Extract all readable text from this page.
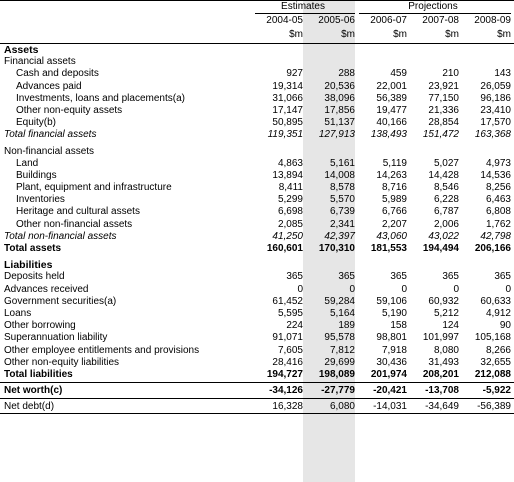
Estimates	Projections
2004-05	2005-06	2006-07	2007-08	2008-09
$m	$m	$m	$m	$m
Assets
Financial assets
Cash and deposits	927	288	459	210	143
Advances paid	19,314	20,536	22,001	23,921	26,059
Investments, loans and placements(a)	31,066	38,096	56,389	77,150	96,186
Other non-equity assets	17,147	17,856	19,477	21,336	23,410
Equity(b)	50,895	51,137	40,166	28,854	17,570
Total financial assets	119,351	127,913	138,493	151,472	163,368
Non-financial assets
Land	4,863	5,161	5,119	5,027	4,973
Buildings	13,894	14,008	14,263	14,428	14,536
Plant, equipment and infrastructure	8,411	8,578	8,716	8,546	8,256
Inventories	5,299	5,570	5,989	6,228	6,463
Heritage and cultural assets	6,698	6,739	6,766	6,787	6,808
Other non-financial assets	2,085	2,341	2,207	2,006	1,762
Total non-financial assets	41,250	42,397	43,060	43,022	42,798
Total assets	160,601	170,310	181,553	194,494	206,166
Liabilities
Deposits held	365	365	365	365	365
Advances received	0	0	0	0	0
Government securities(a)	61,452	59,284	59,106	60,932	60,633
Loans	5,595	5,164	5,190	5,212	4,912
Other borrowing	224	189	158	124	90
Superannuation liability	91,071	95,578	98,801	101,997	105,168
Other employee entitlements and provisions	7,605	7,812	7,918	8,080	8,266
Other non-equity liabilities	28,416	29,699	30,436	31,493	32,655
Total liabilities	194,727	198,089	201,974	208,201	212,088
Net worth(c)	-34,126	-27,779	-20,421	-13,708	-5,922
Net debt(d)	16,328	6,080	-14,031	-34,649	-56,389
